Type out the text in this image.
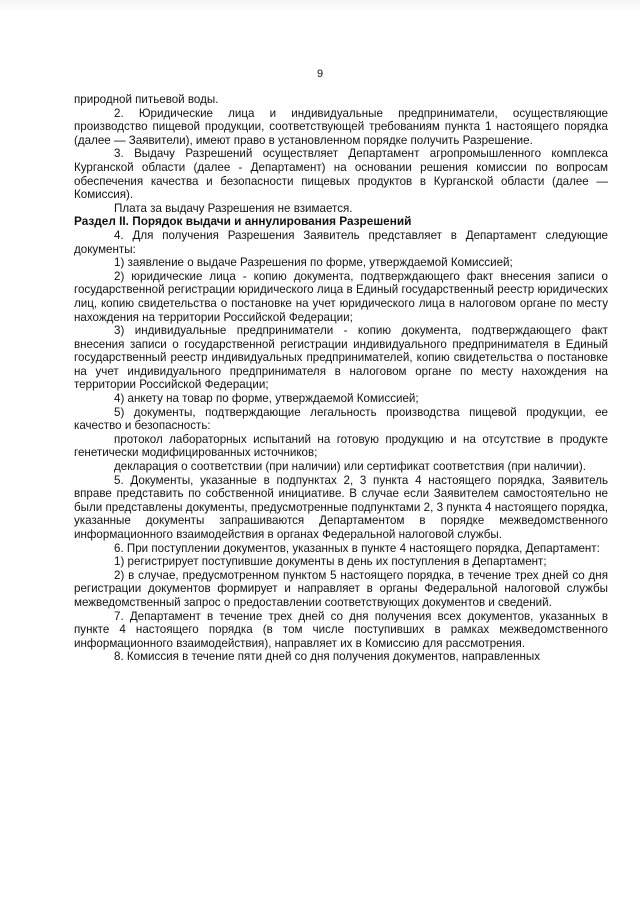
9

природной питьевой воды.

2. Юридические лица и индивидуальные предприниматели, осуществляющие производство пищевой продукции, соответствующей требованиям пункта 1 настоящего порядка (далее — Заявители), имеют право в установленном порядке получить Разрешение.

3. Выдачу Разрешений осуществляет Департамент агропромышленного комплекса Курганской области (далее - Департамент) на основании решения комиссии по вопросам обеспечения качества и безопасности пищевых продуктов в Курганской области (далее — Комиссия).

Плата за выдачу Разрешения не взимается.

Раздел II. Порядок выдачи и аннулирования Разрешений

4. Для получения Разрешения Заявитель представляет в Департамент следующие документы:

1) заявление о выдаче Разрешения по форме, утверждаемой Комиссией;

2) юридические лица - копию документа, подтверждающего факт внесения записи о государственной регистрации юридического лица в Единый государственный реестр юридических лиц, копию свидетельства о постановке на учет юридического лица в налоговом органе по месту нахождения на территории Российской Федерации;

3) индивидуальные предприниматели - копию документа, подтверждающего факт внесения записи о государственной регистрации индивидуального предпринимателя в Единый государственный реестр индивидуальных предпринимателей, копию свидетельства о постановке на учет индивидуального предпринимателя в налоговом органе по месту нахождения на территории Российской Федерации;

4) анкету на товар по форме, утверждаемой Комиссией;

5) документы, подтверждающие легальность производства пищевой продукции, ее качество и безопасность:

протокол лабораторных испытаний на готовую продукцию и на отсутствие в продукте генетически модифицированных источников;

декларация о соответствии (при наличии) или сертификат соответствия (при наличии).

5. Документы, указанные в подпунктах 2, 3 пункта 4 настоящего порядка, Заявитель вправе представить по собственной инициативе. В случае если Заявителем самостоятельно не были представлены документы, предусмотренные подпунктами 2, 3 пункта 4 настоящего порядка, указанные документы запрашиваются Департаментом в порядке межведомственного информационного взаимодействия в органах Федеральной налоговой службы.

6. При поступлении документов, указанных в пункте 4 настоящего порядка, Департамент:

1) регистрирует поступившие документы в день их поступления в Департамент;

2) в случае, предусмотренном пунктом 5 настоящего порядка, в течение трех дней со дня регистрации документов формирует и направляет в органы Федеральной налоговой службы межведомственный запрос о предоставлении соответствующих документов и сведений.

7. Департамент в течение трех дней со дня получения всех документов, указанных в пункте 4 настоящего порядка (в том числе поступивших в рамках межведомственного информационного взаимодействия), направляет их в Комиссию для рассмотрения.

8. Комиссия в течение пяти дней со дня получения документов, направленных
